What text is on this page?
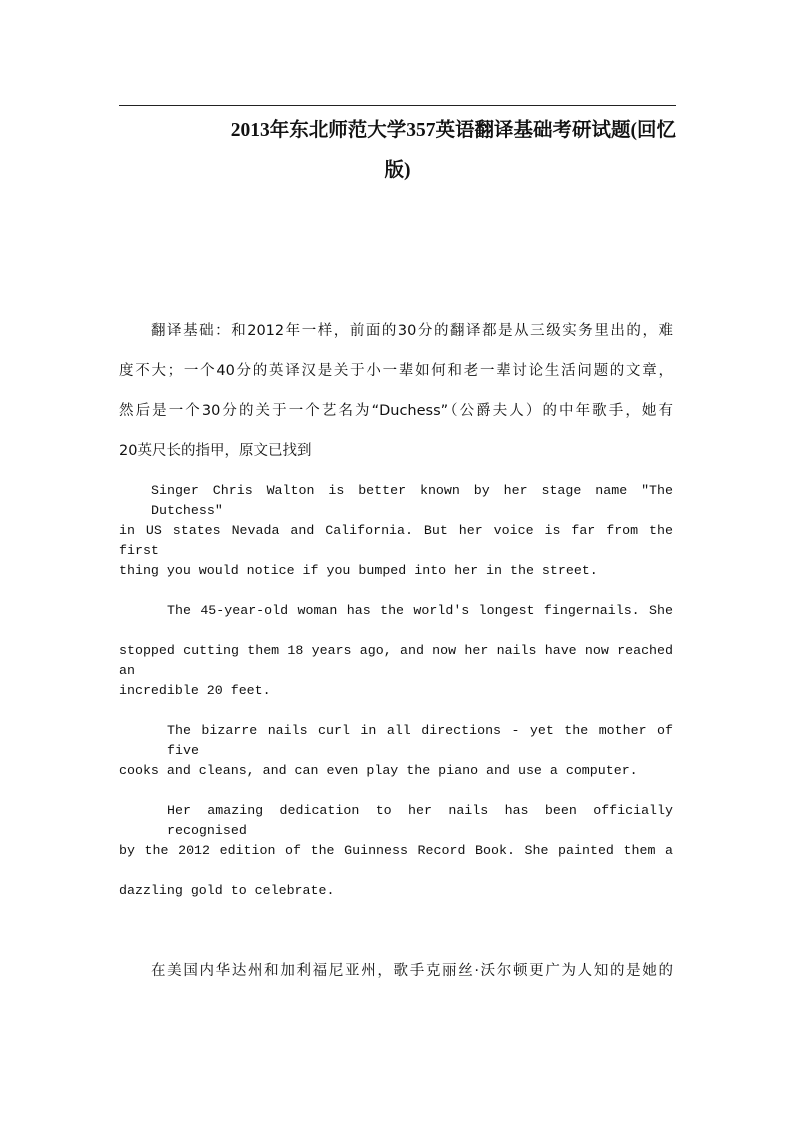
2013年东北师范大学357英语翻译基础考研试题(回忆
版)
翻译基础：和2012年一样，前面的30分的翻译都是从三级实务里出的，难
度不大；一个40分的英译汉是关于小一辈如何和老一辈讨论生活问题的文章，
然后是一个30分的关于一个艺名为“Duchess”（公爵夫人）的中年歌手，她有
20英尺长的指甲，原文已找到
Singer Chris Walton is better known by her stage name "The Dutchess"
in US states Nevada and California. But her voice is far from the first
thing you would notice if you bumped into her in the street.
The 45-year-old woman has the world's longest fingernails. She
stopped cutting them 18 years ago, and now her nails have now reached an
incredible 20 feet.
The bizarre nails curl in all directions - yet the mother of five
cooks and cleans, and can even play the piano and use a computer.
Her amazing dedication to her nails has been officially recognised
by the 2012 edition of the Guinness Record Book. She painted them a
dazzling gold to celebrate.
在美国内华达州和加利福尼亚州，歌手克丽丝·沃尔顿更广为人知的是她的
